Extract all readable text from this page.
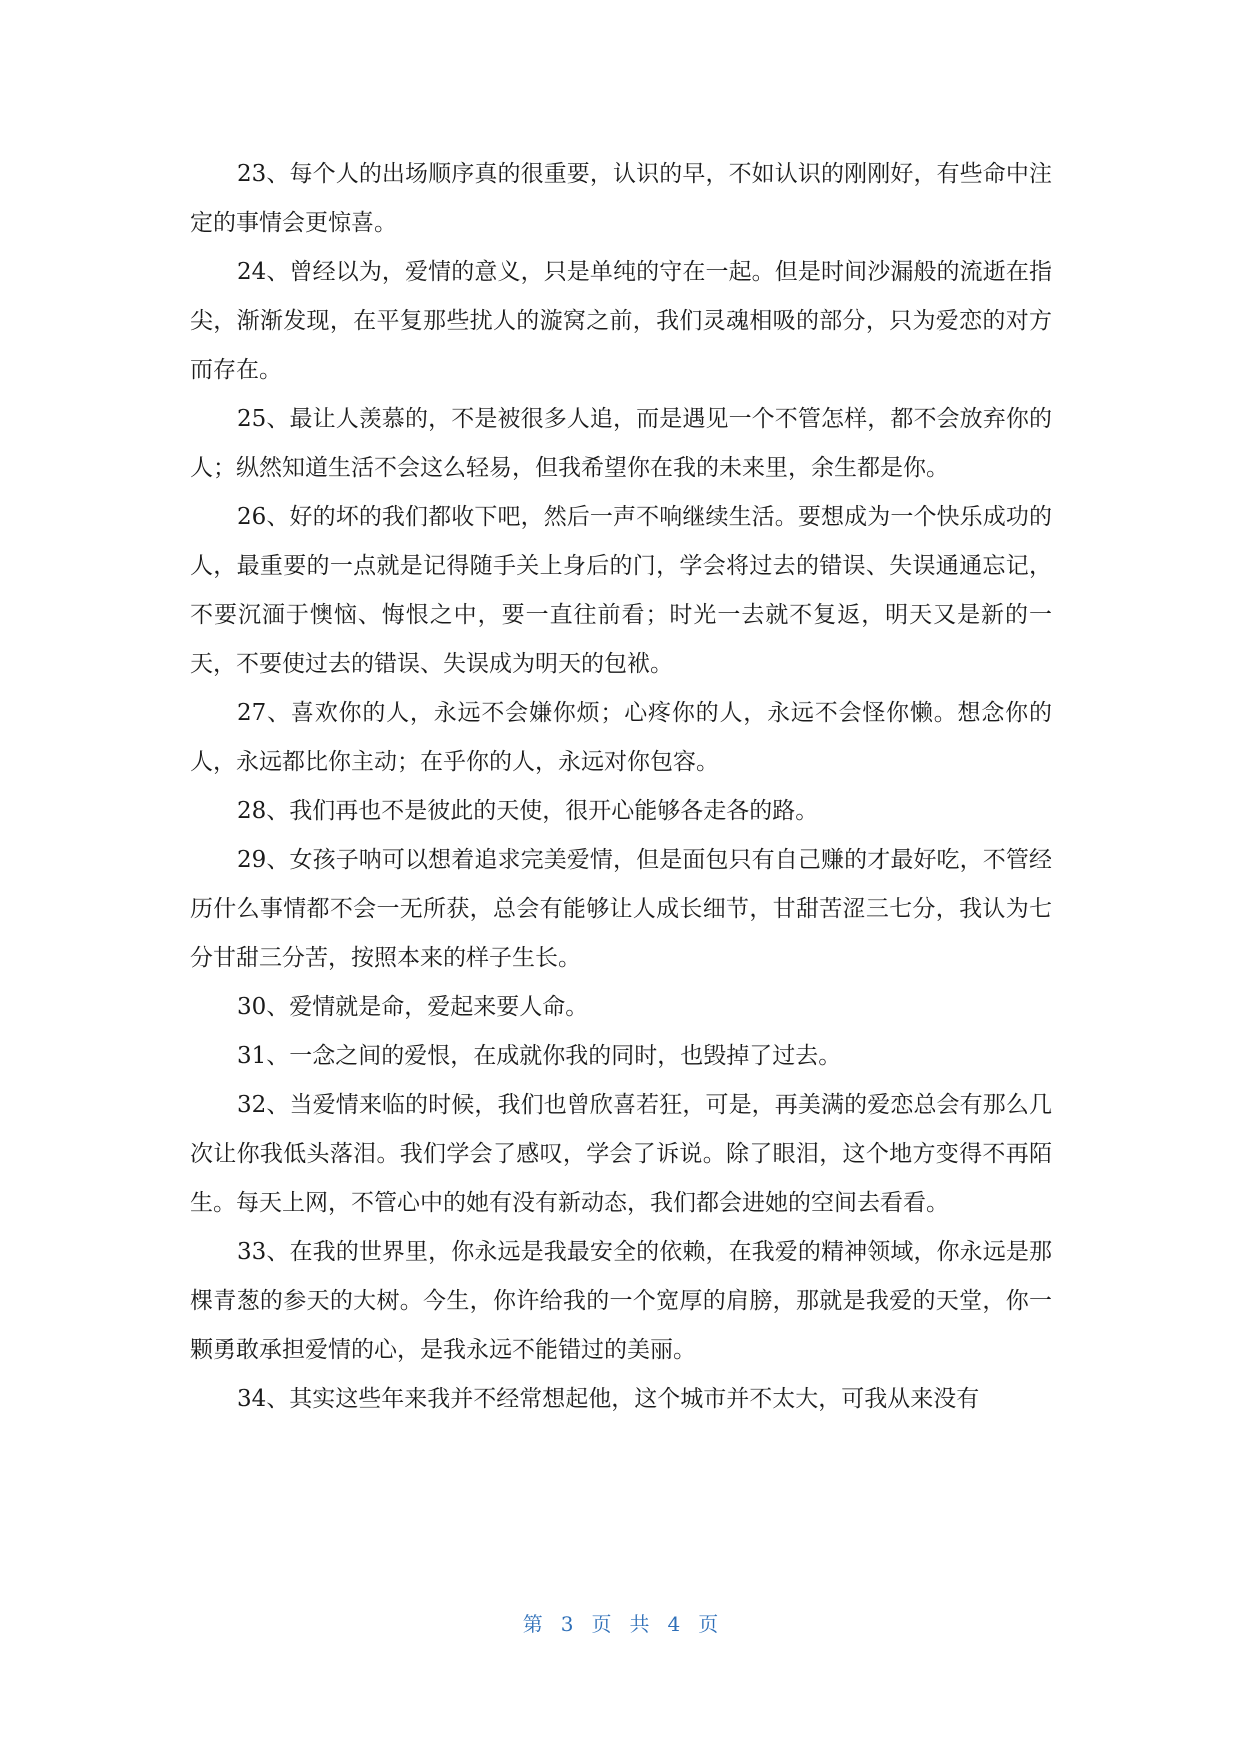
23、每个人的出场顺序真的很重要，认识的早，不如认识的刚刚好，有些命中注定的事情会更惊喜。

24、曾经以为，爱情的意义，只是单纯的守在一起。但是时间沙漏般的流逝在指尖，渐渐发现，在平复那些扰人的漩窝之前，我们灵魂相吸的部分，只为爱恋的对方而存在。

25、最让人羡慕的，不是被很多人追，而是遇见一个不管怎样，都不会放弃你的人；纵然知道生活不会这么轻易，但我希望你在我的未来里，余生都是你。

26、好的坏的我们都收下吧，然后一声不响继续生活。要想成为一个快乐成功的人，最重要的一点就是记得随手关上身后的门，学会将过去的错误、失误通通忘记，不要沉湎于懊恼、悔恨之中，要一直往前看；时光一去就不复返，明天又是新的一天，不要使过去的错误、失误成为明天的包袱。

27、喜欢你的人，永远不会嫌你烦；心疼你的人，永远不会怪你懒。想念你的人，永远都比你主动；在乎你的人，永远对你包容。

28、我们再也不是彼此的天使，很开心能够各走各的路。

29、女孩子呐可以想着追求完美爱情，但是面包只有自己赚的才最好吃，不管经历什么事情都不会一无所获，总会有能够让人成长细节，甘甜苦涩三七分，我认为七分甘甜三分苦，按照本来的样子生长。

30、爱情就是命，爱起来要人命。

31、一念之间的爱恨，在成就你我的同时，也毁掉了过去。

32、当爱情来临的时候，我们也曾欣喜若狂，可是，再美满的爱恋总会有那么几次让你我低头落泪。我们学会了感叹，学会了诉说。除了眼泪，这个地方变得不再陌生。每天上网，不管心中的她有没有新动态，我们都会进她的空间去看看。

33、在我的世界里，你永远是我最安全的依赖，在我爱的精神领域，你永远是那棵青葱的参天的大树。今生，你许给我的一个宽厚的肩膀，那就是我爱的天堂，你一颗勇敢承担爱情的心，是我永远不能错过的美丽。

34、其实这些年来我并不经常想起他，这个城市并不太大，可我从来没有

第 3 页 共 4 页
